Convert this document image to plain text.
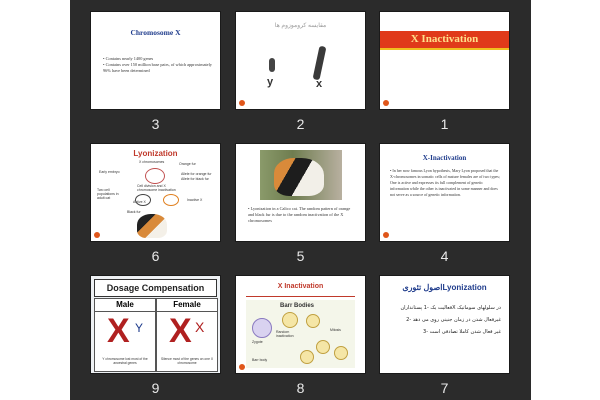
Chromosome X
• Contains nearly 1400 genes
• Contains over 150 million base pairs, of which approximately 96% have been determined
3
مقایسه کروموزوم ها
y	x
2
X Inactivation
1
Lyonization
X chromosomes
Early embryo
Orange fur
Allele for orange fur
Allele for black fur
Cell division and X chromosome inactivation
Two cell populations in adult cat
Active X	Inactive X
Black fur
6
• Lyonization in a Calico cat. The random pattern of orange and black fur is due to the random inactivation of the X chromosomes
5
X-Inactivation
• In her now famous Lyon hypothesis, Mary Lyon proposed that the X-chromosomes in somatic cells of mature females are of two types; One is active and expresses its full complement of genetic information while the other is inactivated in some manner and does not serve as a source of genetic information.
4
Dosage Compensation
Male
X Y
Y chromosome lost most of the ancestral genes
Female
X X
Silence most of the genes on one X chromosome
9
X Inactivation
Barr Bodies
Zygote
Random inactivation
Mitosis
Barr body
8
Lyonizationاصول تئوری
در سلولهای سوماتیک Xفعالیت یک -1 پستانداران
غیرفعال شدن در زمان جنینی روی می دهد -2
غیر فعال شدن کاملا تصادفی است -3
7
